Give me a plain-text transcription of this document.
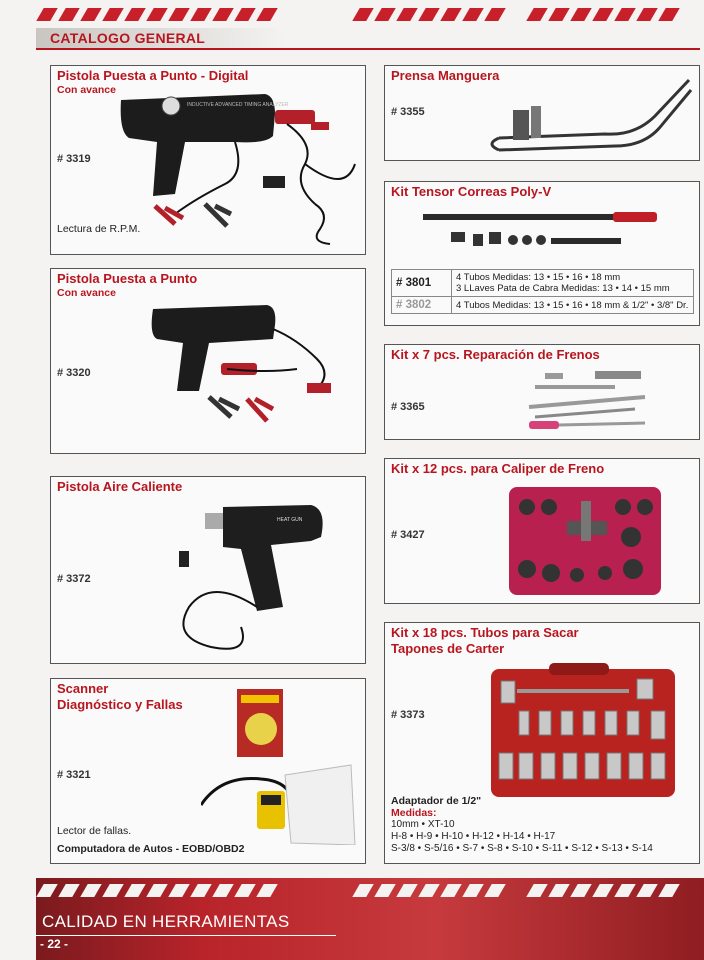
CATALOGO GENERAL
Pistola Puesta a Punto - Digital
Con avance
# 3319
Lectura de R.P.M.
INDUCTIVE ADVANCED TIMING ANALYZER
Pistola Puesta a Punto
Con avance
# 3320
Pistola Aire Caliente
# 3372
HEAT GUN
Scanner
Diagnóstico y Fallas
# 3321
Lector de fallas.
Computadora de Autos - EOBD/OBD2
Prensa Manguera
# 3355
Kit Tensor Correas Poly-V
# 3801	4 Tubos Medidas: 13 • 15 • 16 • 18 mm
3 LLaves Pata de Cabra Medidas: 13 • 14 • 15 mm

# 3802	4 Tubos Medidas: 13 • 15 • 16 • 18 mm & 1/2" • 3/8" Dr.
Kit x 7 pcs. Reparación de Frenos
# 3365
Kit x 12 pcs. para Caliper de Freno
# 3427
Kit x 18 pcs. Tubos para Sacar
Tapones de Carter
# 3373
Adaptador de 1/2"
Medidas:
10mm • XT-10
H-8 • H-9 • H-10 • H-12 • H-14 • H-17
S-3/8 • S-5/16 • S-7 • S-8 • S-10 • S-11 • S-12 • S-13 • S-14
CALIDAD EN HERRAMIENTAS
- 22 -
